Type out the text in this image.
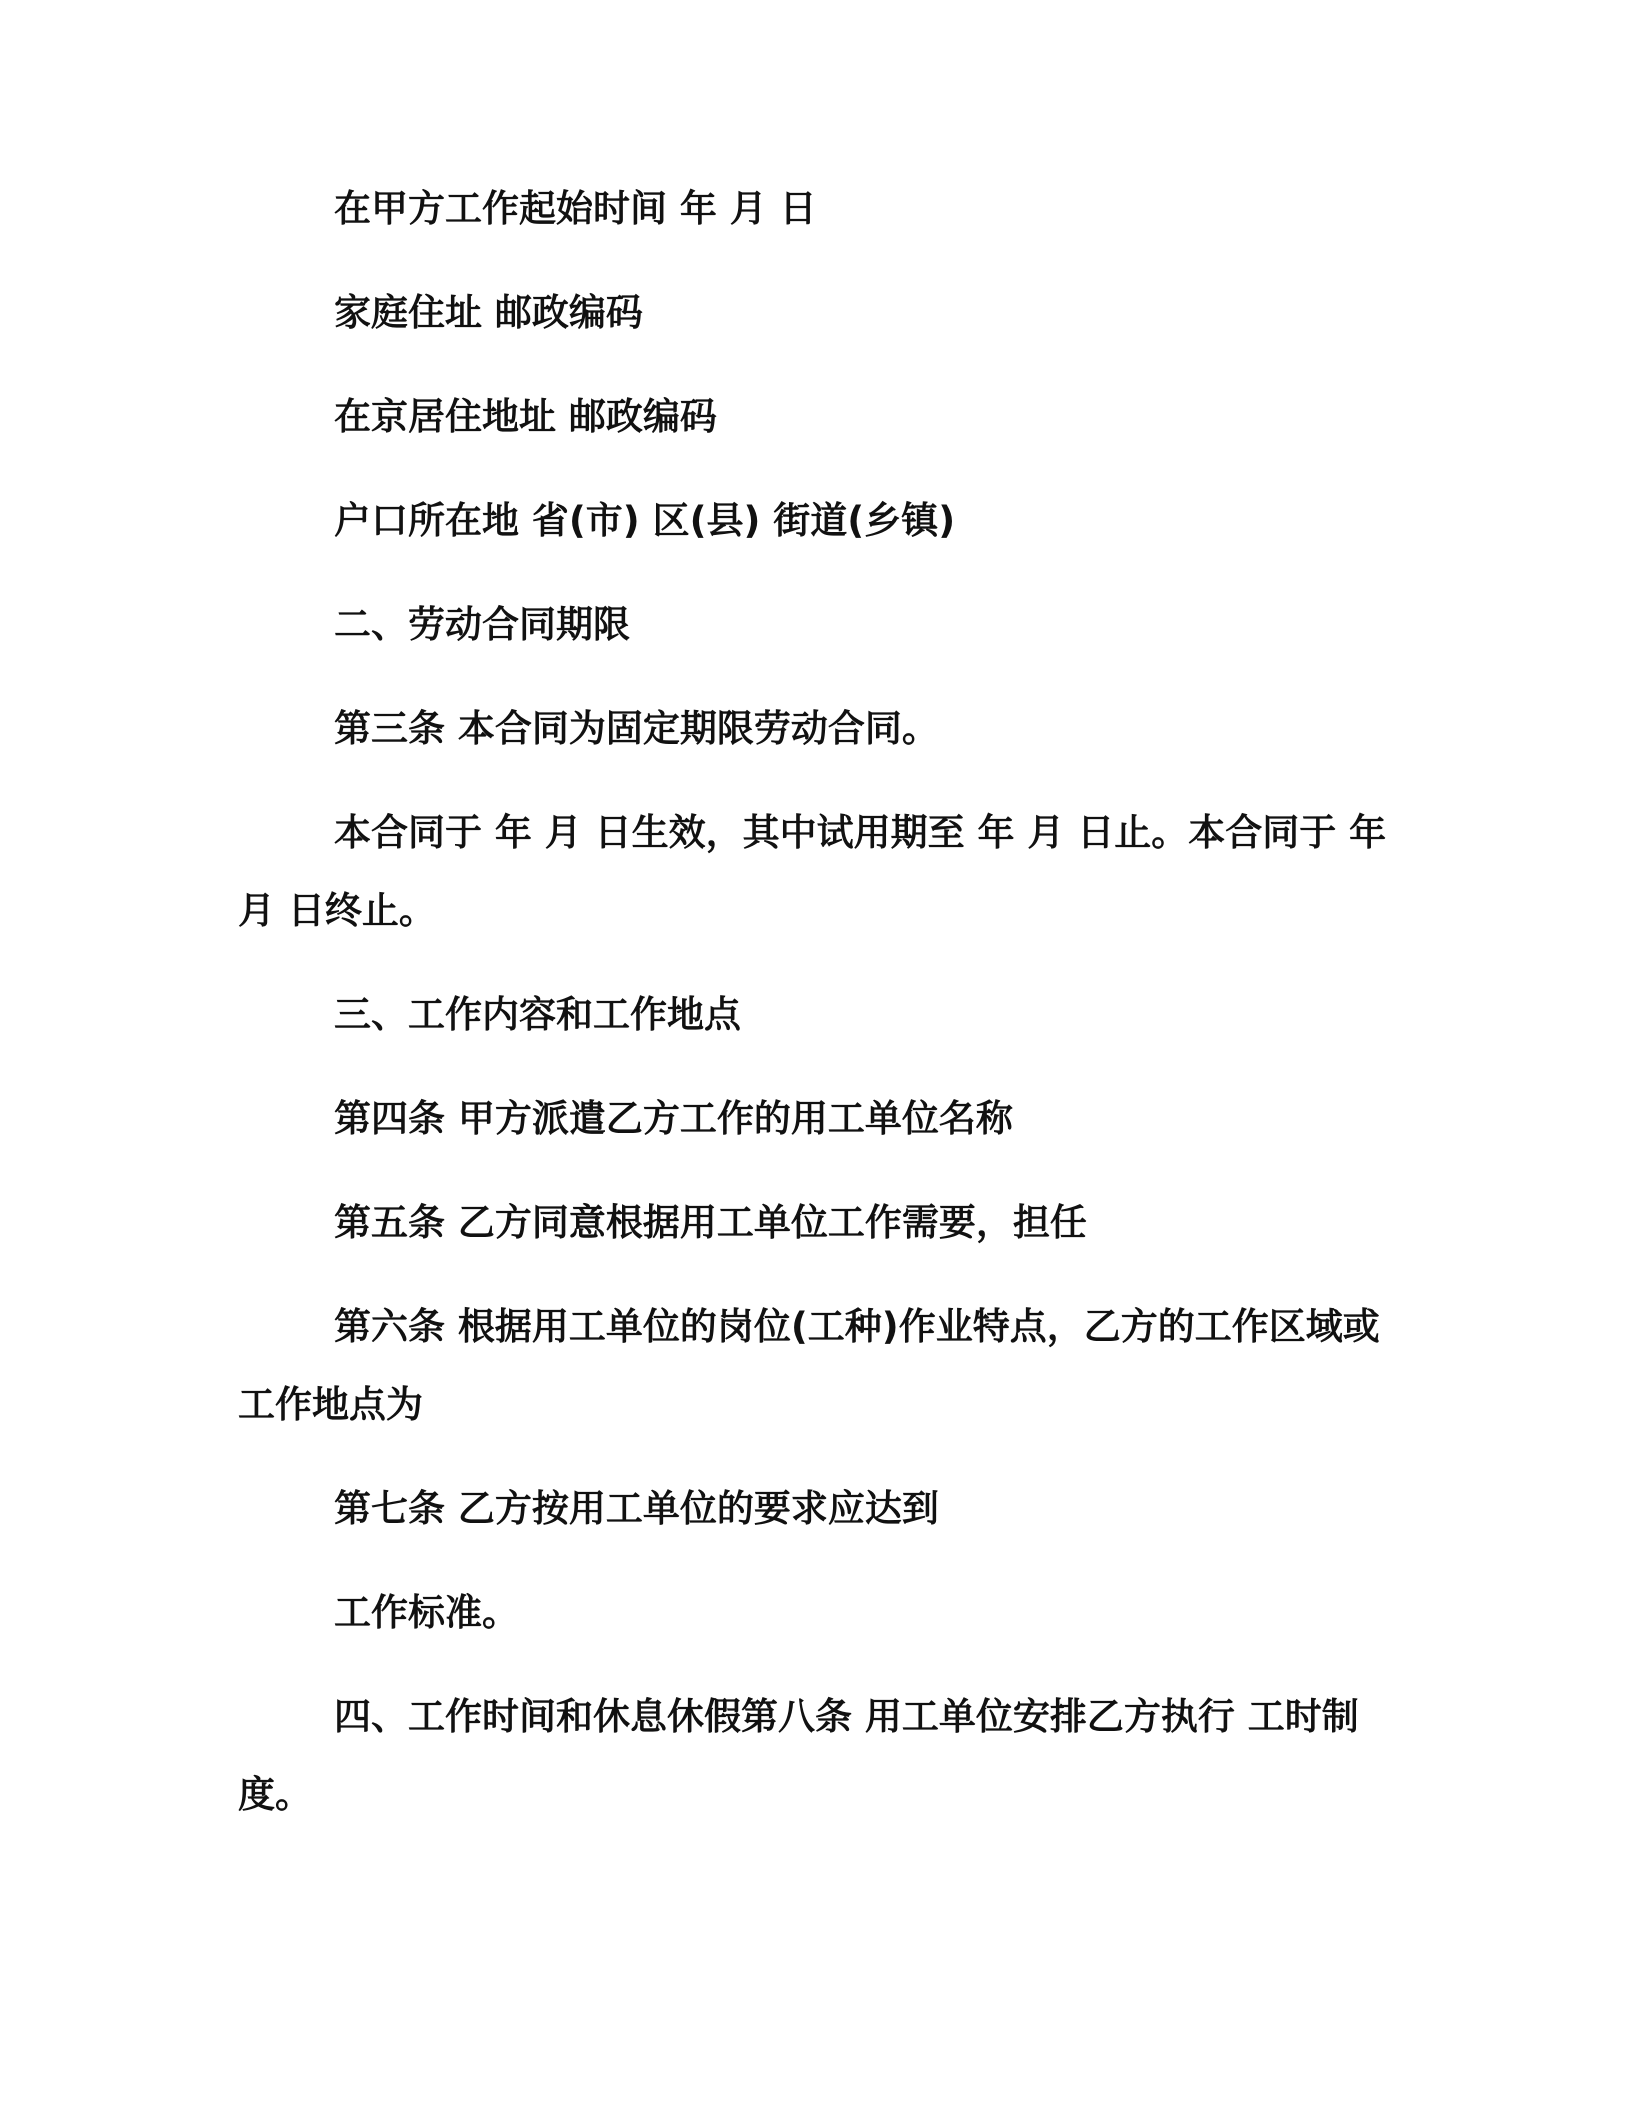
在甲方工作起始时间 年 月 日

家庭住址 邮政编码

在京居住地址 邮政编码

户口所在地 省(市) 区(县) 街道(乡镇)

二、劳动合同期限

第三条 本合同为固定期限劳动合同。

本合同于 年 月 日生效，其中试用期至 年 月 日止。本合同于 年 月 日终止。

三、工作内容和工作地点

第四条 甲方派遣乙方工作的用工单位名称

第五条 乙方同意根据用工单位工作需要，担任

第六条 根据用工单位的岗位(工种)作业特点，乙方的工作区域或工作地点为

第七条 乙方按用工单位的要求应达到

工作标准。

四、工作时间和休息休假第八条 用工单位安排乙方执行 工时制度。
